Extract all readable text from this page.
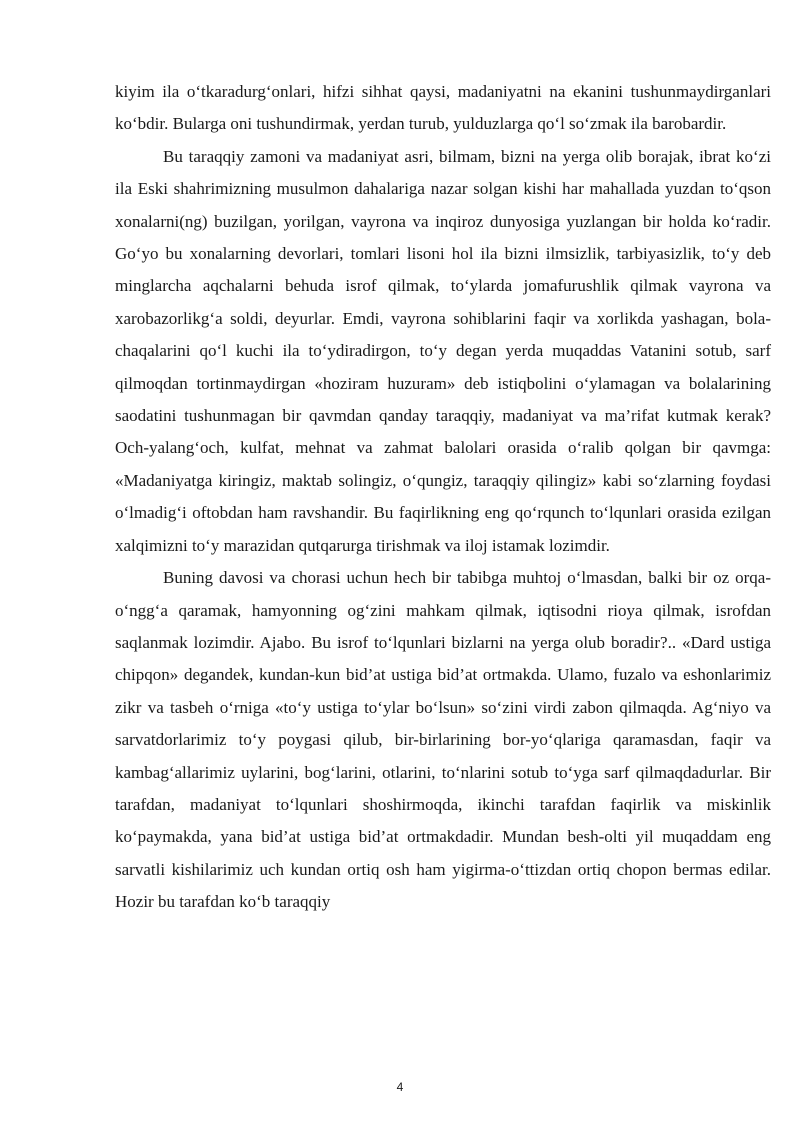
kiyim ila o‘tkaradurg‘onlari, hifzi sihhat qaysi, madaniyatni na ekanini tushunmaydirganlari ko‘bdir. Bularga oni tushundirmak, yerdan turub, yulduzlarga qo‘l so‘zmak ila barobardir.

Bu taraqqiy zamoni va madaniyat asri, bilmam, bizni na yerga olib borajak, ibrat ko‘zi ila Eski shahrimizning musulmon dahalariga nazar solgan kishi har mahallada yuzdan to‘qson xonalarni(ng) buzilgan, yorilgan, vayrona va inqiroz dunyosiga yuzlangan bir holda ko‘radir. Go‘yo bu xonalarning devorlari, tomlari lisoni hol ila bizni ilmsizlik, tarbiyasizlik, to‘y deb minglarcha aqchalarni behuda isrof qilmak, to‘ylarda jomafurushlik qilmak vayrona va xarobazorlikg‘a soldi, deyurlar. Emdi, vayrona sohiblarini faqir va xorlikda yashagan, bola-chaqalarini qo‘l kuchi ila to‘ydiradirgon, to‘y degan yerda muqaddas Vatanini sotub, sarf qilmoqdan tortinmaydirgan «hoziram huzuram» deb istiqbolini o‘ylamagan va bolalarining saodatini tushunmagan bir qavmdan qanday taraqqiy, madaniyat va ma’rifat kutmak kerak? Och-yalang‘och, kulfat, mehnat va zahmat balolari orasida o‘ralib qolgan bir qavmga: «Madaniyatga kiringiz, maktab solingiz, o‘qungiz, taraqqiy qilingiz» kabi so‘zlarning foydasi o‘lmadig‘i oftobdan ham ravshandir. Bu faqirlikning eng qo‘rqunch to‘lqunlari orasida ezilgan xalqimizni to‘y marazidan qutqarurga tirishmak va iloj istamak lozimdir.

Buning davosi va chorasi uchun hech bir tabibga muhtoj o‘lmasdan, balki bir oz orqa-o‘ngg‘a qaramak, hamyonning og‘zini mahkam qilmak, iqtisodni rioya qilmak, isrofdan saqlanmak lozimdir. Ajabo. Bu isrof to‘lqunlari bizlarni na yerga olub boradir?.. «Dard ustiga chipqon» degandek, kundan-kun bid’at ustiga bid’at ortmakda. Ulamo, fuzalo va eshonlarimiz zikr va tasbeh o‘rniga «to‘y ustiga to‘ylar bo‘lsun» so‘zini virdi zabon qilmaqda. Ag‘niyo va sarvatdorlarimiz to‘y poygasi qilub, bir-birlarining bor-yo‘qlariga qaramasdan, faqir va kambag‘allarimiz uylarini, bog‘larini, otlarini, to‘nlarini sotub to‘yga sarf qilmaqdadurlar. Bir tarafdan, madaniyat to‘lqunlari shoshirmoqda, ikinchi tarafdan faqirlik va miskinlik ko‘paymakda, yana bid’at ustiga bid’at ortmakdadir. Mundan besh-olti yil muqaddam eng sarvatli kishilarimiz uch kundan ortiq osh ham yigirma-o‘ttizdan ortiq chopon bermas edilar. Hozir bu tarafdan ko‘b taraqqiy

4
